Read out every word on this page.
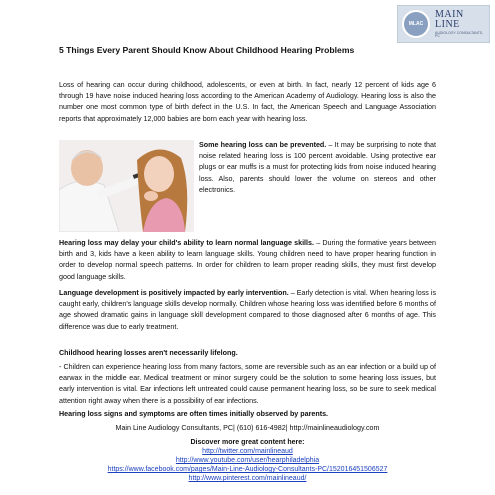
MLAC
MAIN LINE
AUDIOLOGY CONSULTANTS, PC
5 Things Every Parent Should Know About Childhood Hearing Problems

Loss of hearing can occur during childhood, adolescents, or even at birth. In fact, nearly 12 percent of kids age 6 through 19 have noise induced hearing loss according to the American Academy of Audiology. Hearing loss is also the number one most common type of birth defect in the U.S. In fact, the American Speech and Language Association reports that approximately 12,000 babies are born each year with hearing loss.

Some hearing loss can be prevented. – It may be surprising to note that noise related hearing loss is 100 percent avoidable. Using protective ear plugs or ear muffs is a must for protecting kids from noise induced hearing loss. Also, parents should lower the volume on stereos and other electronics.

Hearing loss may delay your child's ability to learn normal language skills. – During the formative years between birth and 3, kids have a keen ability to learn language skills. Young children need to have proper hearing function in order to develop normal speech patterns. In order for children to learn proper reading skills, they must first develop good language skills.

Language development is positively impacted by early intervention. – Early detection is vital. When hearing loss is caught early, children's language skills develop normally. Children whose hearing loss was identified before 6 months of age showed dramatic gains in language skill development compared to those diagnosed after 6 months of age. This difference was due to early treatment.

Childhood hearing losses aren't necessarily lifelong.

- Children can experience hearing loss from many factors, some are reversible such as an ear infection or a build up of earwax in the middle ear. Medical treatment or minor surgery could be the solution to some hearing loss issues, but early intervention is vital. Ear infections left untreated could cause permanent hearing loss, so be sure to seek medical attention right away when there is a possibility of ear infections.

Hearing loss signs and symptoms are often times initially observed by parents.

Main Line Audiology Consultants, PC| (610) 616-4982| http://mainlineaudiology.com
Discover more great content here:
http://twitter.com/mainlineaud
http://www.youtube.com/user/hearphiladelphia
https://www.facebook.com/pages/Main-Line-Audiology-Consultants-PC/152016451506527
http://www.pinterest.com/mainlineaud/
